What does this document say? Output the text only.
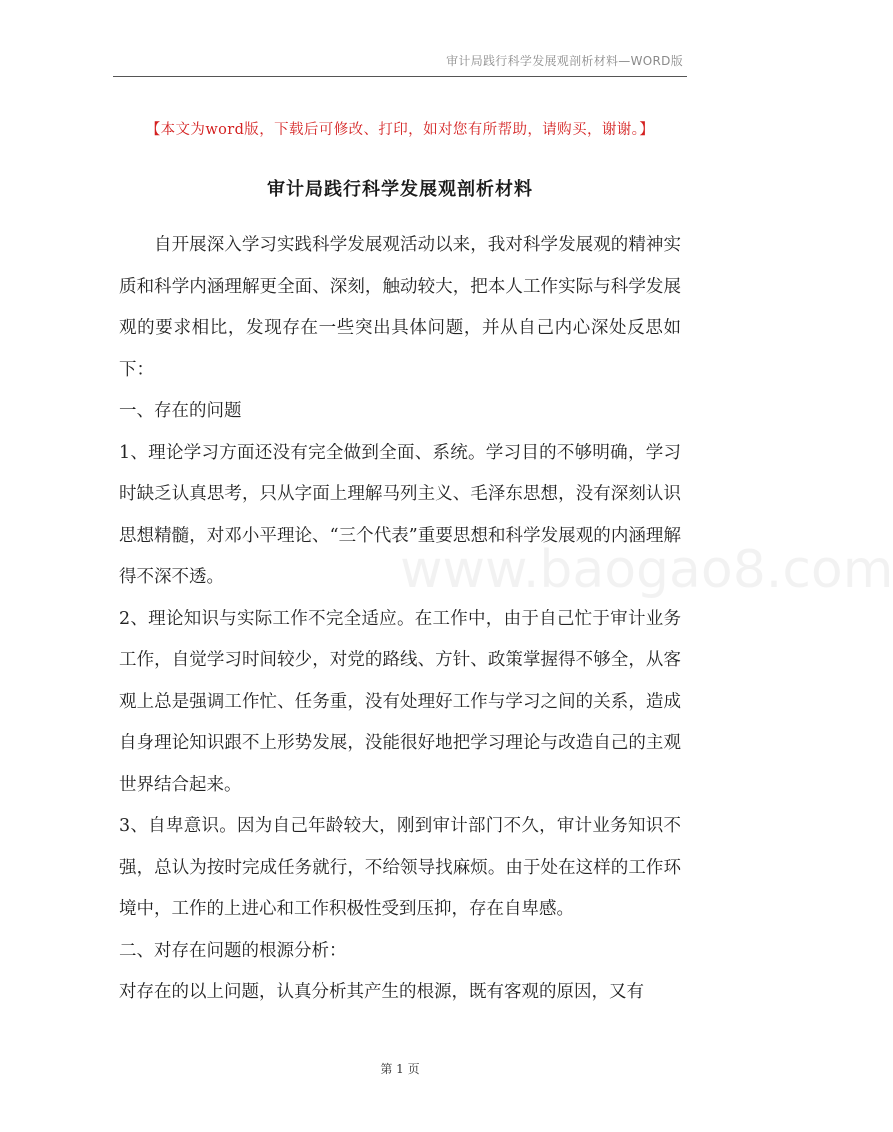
审计局践行科学发展观剖析材料—WORD版
【本文为word版，下载后可修改、打印，如对您有所帮助，请购买，谢谢。】
审计局践行科学发展观剖析材料
www.baogao8.com

自开展深入学习实践科学发展观活动以来，我对科学发展观的精神实质和科学内涵理解更全面、深刻，触动较大，把本人工作实际与科学发展观的要求相比，发现存在一些突出具体问题，并从自己内心深处反思如下：

一、存在的问题

1、理论学习方面还没有完全做到全面、系统。学习目的不够明确，学习时缺乏认真思考，只从字面上理解马列主义、毛泽东思想，没有深刻认识思想精髓，对邓小平理论、“三个代表”重要思想和科学发展观的内涵理解得不深不透。

2、理论知识与实际工作不完全适应。在工作中，由于自己忙于审计业务工作，自觉学习时间较少，对党的路线、方针、政策掌握得不够全，从客观上总是强调工作忙、任务重，没有处理好工作与学习之间的关系，造成自身理论知识跟不上形势发展，没能很好地把学习理论与改造自己的主观世界结合起来。

3、自卑意识。因为自己年龄较大，刚到审计部门不久，审计业务知识不强，总认为按时完成任务就行，不给领导找麻烦。由于处在这样的工作环境中，工作的上进心和工作积极性受到压抑，存在自卑感。

二、对存在问题的根源分析：

对存在的以上问题，认真分析其产生的根源，既有客观的原因，又有

第 1 页
